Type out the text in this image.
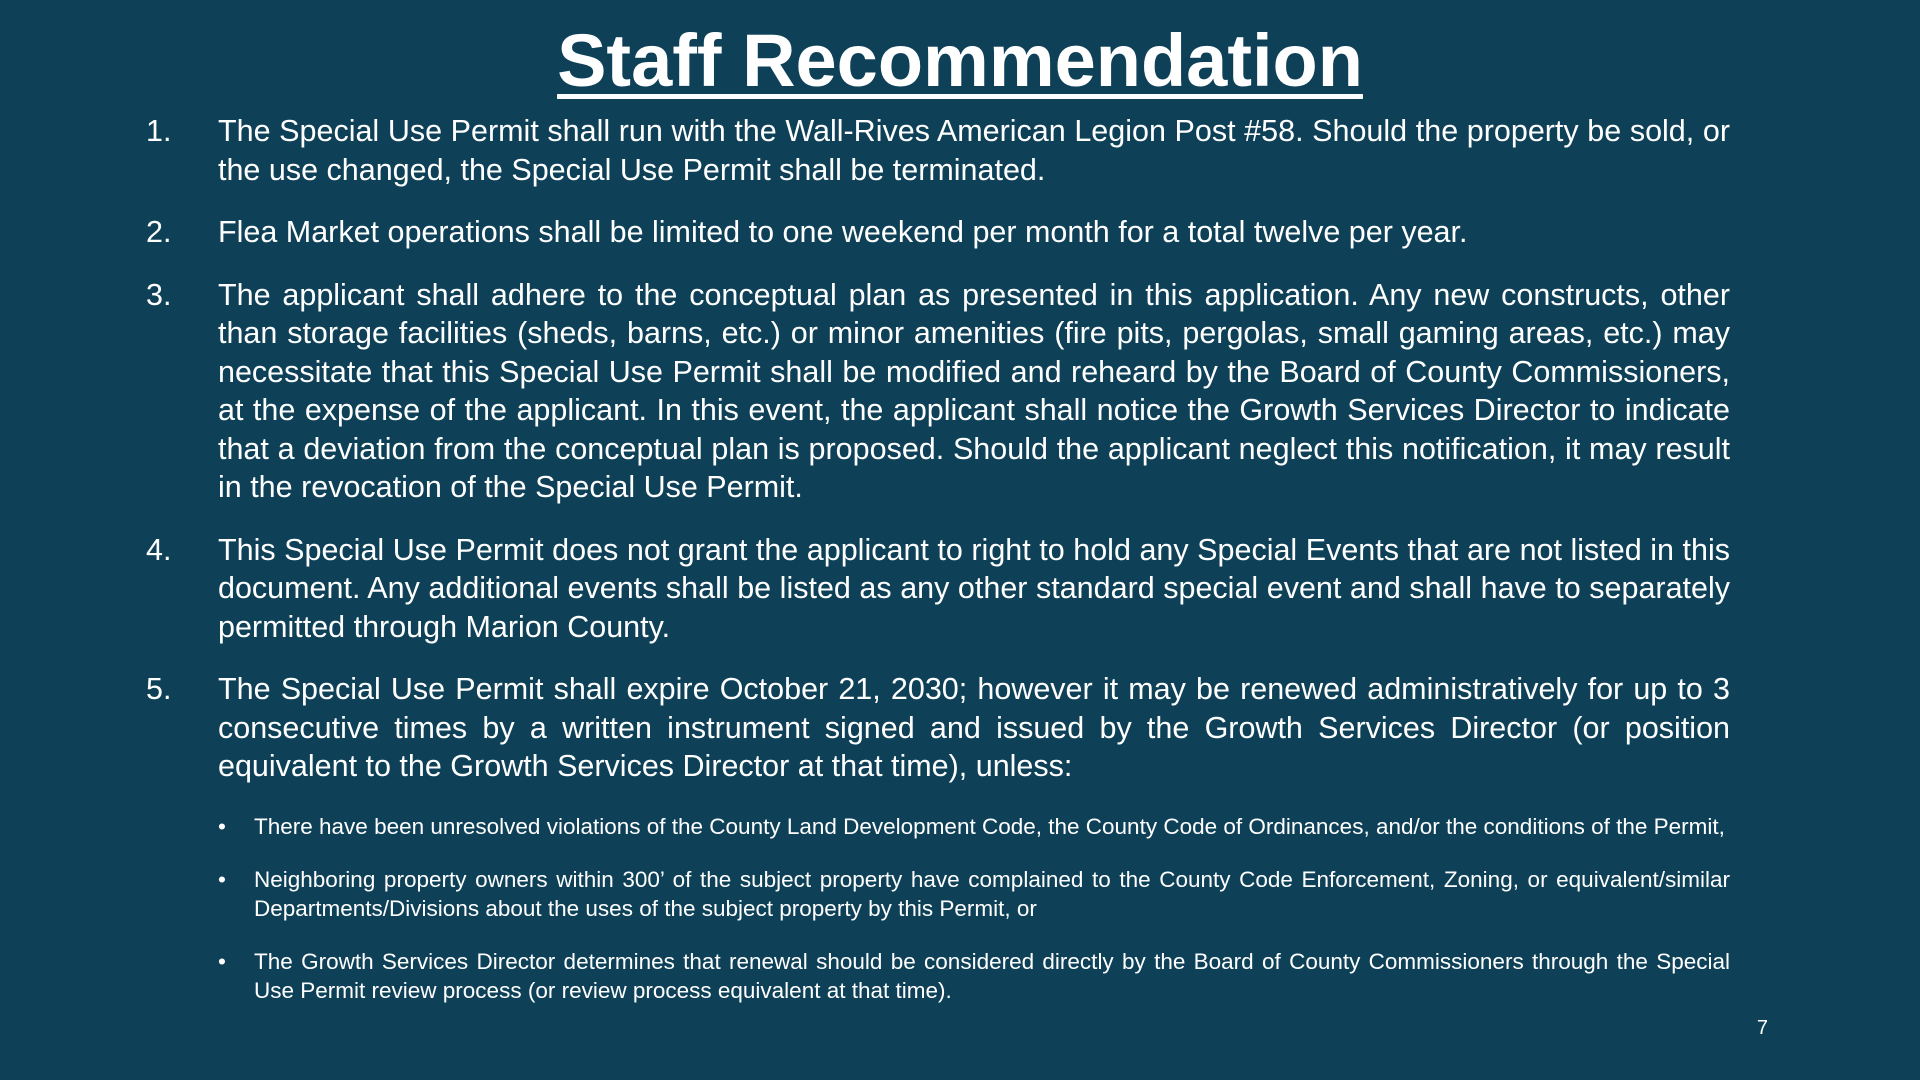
Staff Recommendation
1. The Special Use Permit shall run with the Wall-Rives American Legion Post #58. Should the property be sold, or the use changed, the Special Use Permit shall be terminated.
2. Flea Market operations shall be limited to one weekend per month for a total twelve per year.
3. The applicant shall adhere to the conceptual plan as presented in this application. Any new constructs, other than storage facilities (sheds, barns, etc.) or minor amenities (fire pits, pergolas, small gaming areas, etc.) may necessitate that this Special Use Permit shall be modified and reheard by the Board of County Commissioners, at the expense of the applicant. In this event, the applicant shall notice the Growth Services Director to indicate that a deviation from the conceptual plan is proposed. Should the applicant neglect this notification, it may result in the revocation of the Special Use Permit.
4. This Special Use Permit does not grant the applicant to right to hold any Special Events that are not listed in this document. Any additional events shall be listed as any other standard special event and shall have to separately permitted through Marion County.
5. The Special Use Permit shall expire October 21, 2030; however it may be renewed administratively for up to 3 consecutive times by a written instrument signed and issued by the Growth Services Director (or position equivalent to the Growth Services Director at that time), unless:
• There have been unresolved violations of the County Land Development Code, the County Code of Ordinances, and/or the conditions of the Permit,
• Neighboring property owners within 300’ of the subject property have complained to the County Code Enforcement, Zoning, or equivalent/similar Departments/Divisions about the uses of the subject property by this Permit, or
• The Growth Services Director determines that renewal should be considered directly by the Board of County Commissioners through the Special Use Permit review process (or review process equivalent at that time).
7
